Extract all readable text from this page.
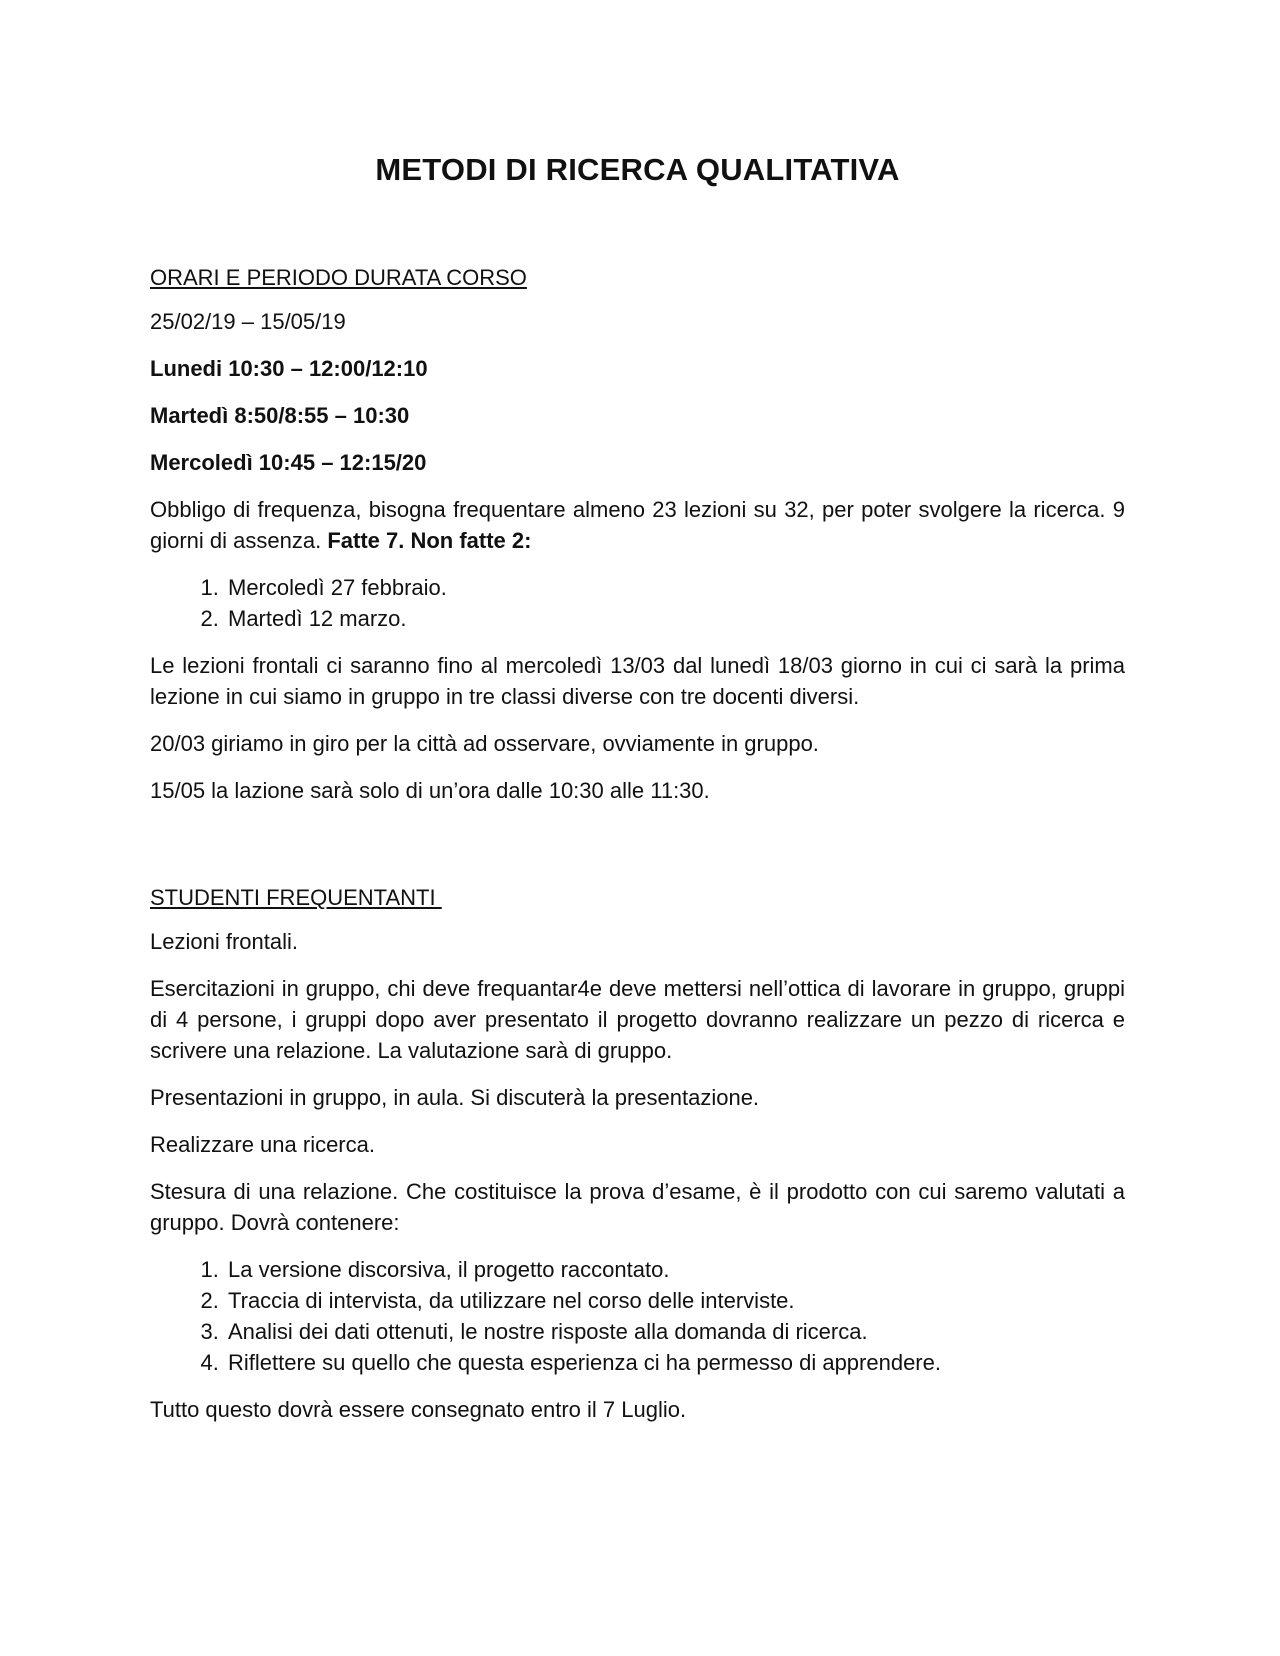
METODI DI RICERCA QUALITATIVA
ORARI E PERIODO DURATA CORSO
25/02/19 – 15/05/19
Lunedi 10:30 – 12:00/12:10
Martedì 8:50/8:55 – 10:30
Mercoledì 10:45 – 12:15/20
Obbligo di frequenza, bisogna frequentare almeno 23 lezioni su 32, per poter svolgere la ricerca. 9 giorni di assenza. Fatte 7. Non fatte 2:
1. Mercoledì 27 febbraio.
2. Martedì 12 marzo.
Le lezioni frontali ci saranno fino al mercoledì 13/03 dal lunedì 18/03 giorno in cui ci sarà la prima lezione in cui siamo in gruppo in tre classi diverse con tre docenti diversi.
20/03 giriamo in giro per la città ad osservare, ovviamente in gruppo.
15/05 la lazione sarà solo di un’ora dalle 10:30 alle 11:30.
STUDENTI FREQUENTANTI
Lezioni frontali.
Esercitazioni in gruppo, chi deve frequantar4e deve mettersi nell’ottica di lavorare in gruppo, gruppi di 4 persone, i gruppi dopo aver presentato il progetto dovranno realizzare un pezzo di ricerca e scrivere una relazione. La valutazione sarà di gruppo.
Presentazioni in gruppo, in aula. Si discuterà la presentazione.
Realizzare una ricerca.
Stesura di una relazione. Che costituisce la prova d’esame, è il prodotto con cui saremo valutati a gruppo. Dovrà contenere:
1. La versione discorsiva, il progetto raccontato.
2. Traccia di intervista, da utilizzare nel corso delle interviste.
3. Analisi dei dati ottenuti, le nostre risposte alla domanda di ricerca.
4. Riflettere su quello che questa esperienza ci ha permesso di apprendere.
Tutto questo dovrà essere consegnato entro il 7 Luglio.
